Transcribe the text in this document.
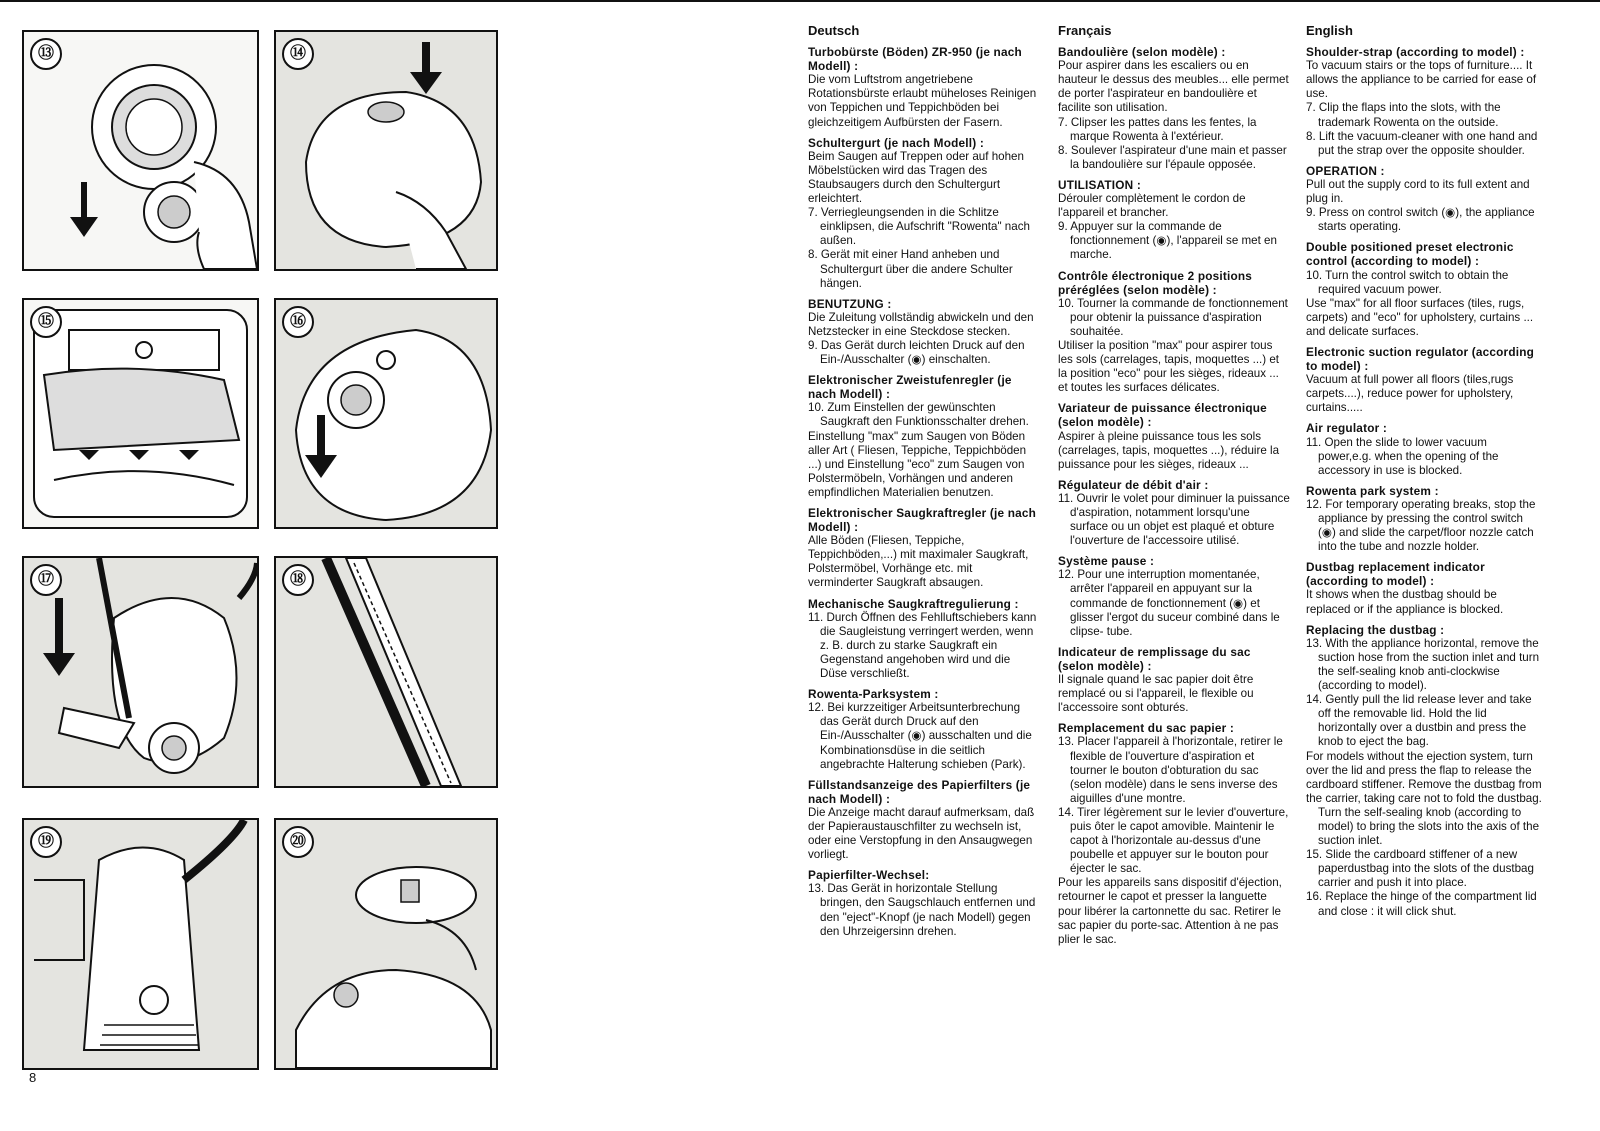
⑬	⑭
⑮	⑯
⑰	⑱
⑲	⑳
8
Deutsch
Turbobürste (Böden) ZR-950 (je nach Modell) :

Die vom Luftstrom angetriebene Rotationsbürste erlaubt müheloses Reinigen von Teppichen und Teppichböden bei gleichzeitigem Aufbürsten der Fasern.

Schultergurt (je nach Modell) :

Beim Saugen auf Treppen oder auf hohen Möbelstücken wird das Tragen des Staubsaugers durch den Schultergurt erleichtert.

7. Verriegleungsenden in die Schlitze einklipsen, die Aufschrift "Rowenta" nach außen.

8. Gerät mit einer Hand anheben und Schultergurt über die andere Schulter hängen.

BENUTZUNG :

Die Zuleitung vollständig abwickeln und den Netzstecker in eine Steckdose stecken.

9. Das Gerät durch leichten Druck auf den Ein-/Ausschalter (◉) einschalten.

Elektronischer Zweistufenregler (je nach Modell) :

10. Zum Einstellen der gewünschten Saugkraft den Funktionsschalter drehen.

Einstellung "max" zum Saugen von Böden aller Art ( Fliesen, Teppiche, Teppichböden ...) und Einstellung "eco" zum Saugen von Polstermöbeln, Vorhängen und anderen empfindlichen Materialien benutzen.

Elektronischer Saugkraftregler (je nach Modell) :

Alle Böden (Fliesen, Teppiche, Teppichböden,...) mit maximaler Saugkraft, Polstermöbel, Vorhänge etc. mit verminderter Saugkraft absaugen.

Mechanische Saugkraftregulierung :

11. Durch Öffnen des Fehlluftschiebers kann die Saugleistung verringert werden, wenn z. B. durch zu starke Saugkraft ein Gegenstand angehoben wird und die Düse verschließt.

Rowenta-Parksystem :

12. Bei kurzzeitiger Arbeitsunterbrechung das Gerät durch Druck auf den Ein-/Ausschalter (◉) ausschalten und die Kombinationsdüse in die seitlich angebrachte Halterung schieben (Park).

Füllstandsanzeige des Papierfilters (je nach Modell) :

Die Anzeige macht darauf aufmerksam, daß der Papieraustauschfilter zu wechseln ist, oder eine Verstopfung in den Ansaugwegen vorliegt.

Papierfilter-Wechsel:

13. Das Gerät in horizontale Stellung bringen, den Saugschlauch entfernen und den "eject"-Knopf (je nach Modell) gegen den Uhrzeigersinn drehen.

Français
Bandoulière (selon modèle) :

Pour aspirer dans les escaliers ou en hauteur le dessus des meubles... elle permet de porter l'aspirateur en bandoulière et facilite son utilisation.

7. Clipser les pattes dans les fentes, la marque Rowenta à l'extérieur.

8. Soulever l'aspirateur d'une main et passer la bandoulière sur l'épaule opposée.

UTILISATION :

Dérouler complètement le cordon de l'appareil et brancher.

9. Appuyer sur la commande de fonctionnement (◉), l'appareil se met en marche.

Contrôle électronique 2 positions préréglées (selon modèle) :

10. Tourner la commande de fonctionnement pour obtenir la puissance d'aspiration souhaitée.

Utiliser la position "max" pour aspirer tous les sols (carrelages, tapis, moquettes ...) et la position "eco" pour les sièges, rideaux ... et toutes les surfaces délicates.

Variateur de puissance électronique (selon modèle) :

Aspirer à pleine puissance tous les sols (carrelages, tapis, moquettes ...), réduire la puissance pour les sièges, rideaux ...

Régulateur de débit d'air :

11. Ouvrir le volet pour diminuer la puissance d'aspiration, notamment lorsqu'une surface ou un objet est plaqué et obture l'ouverture de l'accessoire utilisé.

Système pause :

12. Pour une interruption momentanée, arrêter l'appareil en appuyant sur la commande de fonctionnement (◉) et glisser l'ergot du suceur combiné dans le clipse- tube.

Indicateur de remplissage du sac (selon modèle) :

Il signale quand le sac papier doit être remplacé ou si l'appareil, le flexible ou l'accessoire sont obturés.

Remplacement du sac papier :

13. Placer l'appareil à l'horizontale, retirer le flexible de l'ouverture d'aspiration et tourner le bouton d'obturation du sac (selon modèle) dans le sens inverse des aiguilles d'une montre.

14. Tirer légèrement sur le levier d'ouverture, puis ôter le capot amovible. Maintenir le capot à l'horizontale au-dessus d'une poubelle et appuyer sur le bouton pour éjecter le sac.

Pour les appareils sans dispositif d'éjection, retourner le capot et presser la languette pour libérer la cartonnette du sac. Retirer le sac papier du porte-sac. Attention à ne pas plier le sac.

English
Shoulder-strap (according to model) :

To vacuum stairs or the tops of furniture.... It allows the appliance to be carried for ease of use.

7. Clip the flaps into the slots, with the trademark Rowenta on the outside.

8. Lift the vacuum-cleaner with one hand and put the strap over the opposite shoulder.

OPERATION :

Pull out the supply cord to its full extent and plug in.

9. Press on control switch (◉), the appliance starts operating.

Double positioned preset electronic control (according to model) :

10. Turn the control switch to obtain the required vacuum power.

Use "max" for all floor surfaces (tiles, rugs, carpets) and "eco" for upholstery, curtains ... and delicate surfaces.

Electronic suction regulator (according to model) :

Vacuum at full power all floors (tiles,rugs carpets....), reduce power for upholstery, curtains.....

Air regulator :

11. Open the slide to lower vacuum power,e.g. when the opening of the accessory in use is blocked.

Rowenta park system :

12. For temporary operating breaks, stop the appliance by pressing the control switch (◉) and slide the carpet/floor nozzle catch into the tube and nozzle holder.

Dustbag replacement indicator (according to model) :

It shows when the dustbag should be replaced or if the appliance is blocked.

Replacing the dustbag :

13. With the appliance horizontal, remove the suction hose from the suction inlet and turn the self-sealing knob anti-clockwise (according to model).

14. Gently pull the lid release lever and take off the removable lid. Hold the lid horizontally over a dustbin and press the knob to eject the bag.

For models without the ejection system, turn over the lid and press the flap to release the cardboard stiffener. Remove the dustbag from the carrier, taking care not to fold the dustbag.

Turn the self-sealing knob (according to model) to bring the slots into the axis of the suction inlet.

15. Slide the cardboard stiffener of a new paperdustbag into the slots of the dustbag carrier and push it into place.

16. Replace the hinge of the compartment lid and close : it will click shut.
